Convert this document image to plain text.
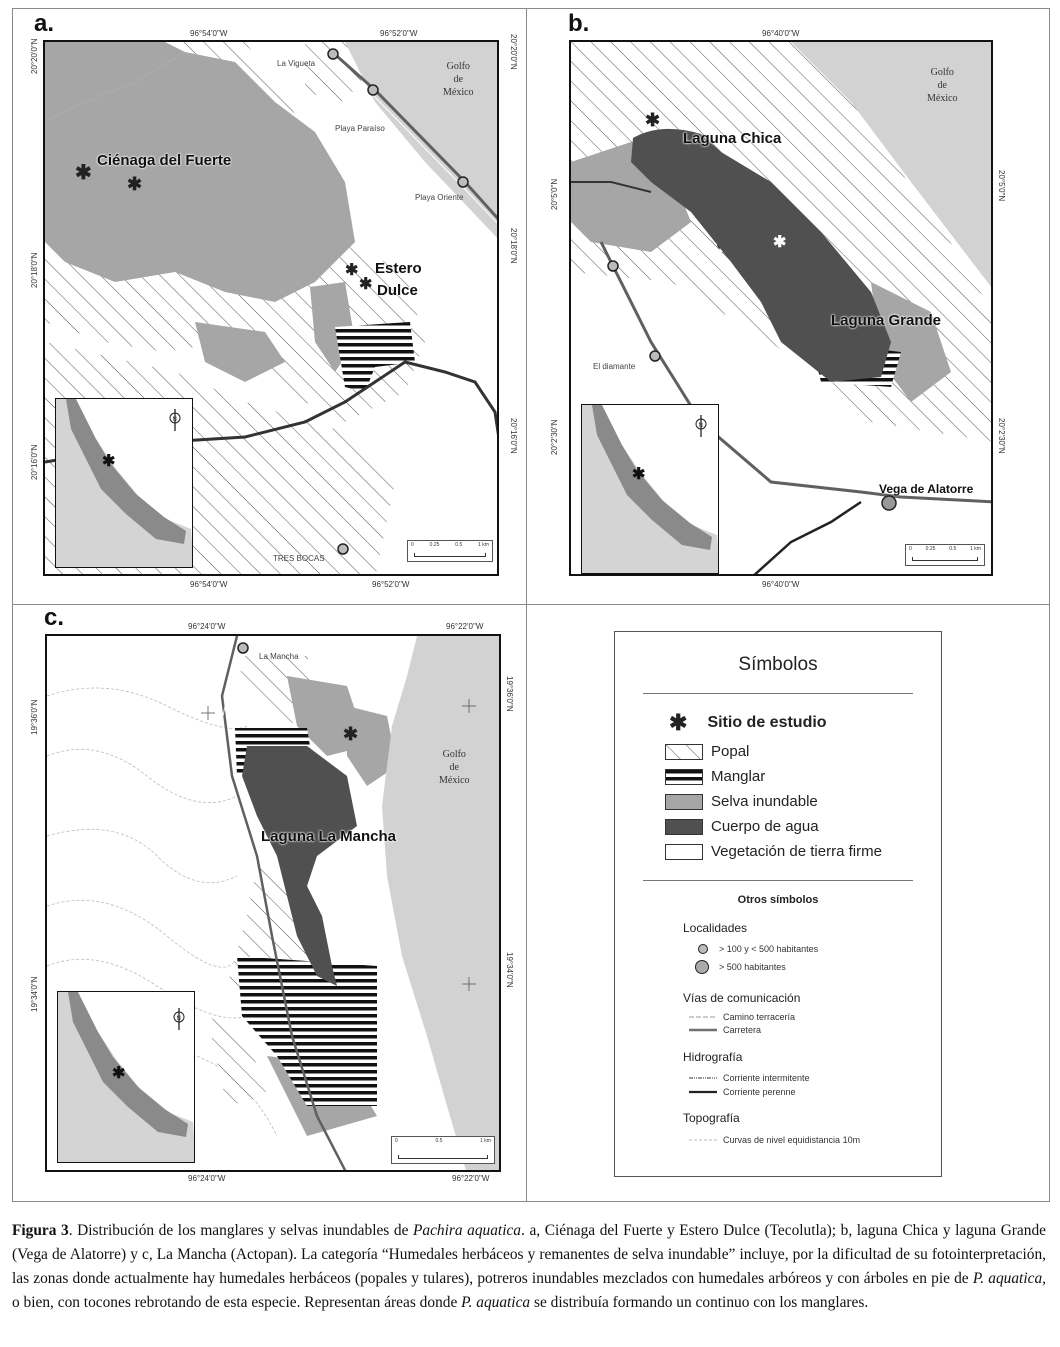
a.	96°54'0"W	96°52'0"W
96°54'0"W	96°52'0"W
20°20'0"N
20°18'0"N
20°16'0"N
20°20'0"N
20°18'0"N
20°16'0"N
Golfo
de
México
La Vigueta
Playa Paraíso
Playa Oriente
TRES BOCAS
Ciénaga del Fuerte
Estero
Dulce
✱ ✱
✱
✱
✱
N
0	0.25	0.5	1 km
b.	96°40'0"W
96°40'0"W
20°5'0"N
20°2'30"N
20°5'0"N
20°2'30"N
Golfo
de
México
Laguna Chica
Laguna Grande
El diamante
Vega de Alatorre
✱
✱
✱
N
0	0.25	0.5	1 km
c.	96°24'0"W	96°22'0"W
96°24'0"W	96°22'0"W
19°36'0"N
19°34'0"N
19°36'0"N
19°34'0"N
Golfo
de
México
La Mancha
Laguna La Mancha
✱
✱
N
0	0.5	1 km
Símbolos
✱ Sitio de estudio
Popal
Manglar
Selva inundable
Cuerpo de agua
Vegetación de tierra firme
Otros símbolos
Localidades
> 100 y < 500 habitantes
> 500 habitantes
Vías de comunicación
Camino terracería
Carretera
Hidrografía
Corriente intermitente
Corriente perenne
Topografía
Curvas de nivel equidistancia 10m
Figura 3. Distribución de los manglares y selvas inundables de Pachira aquatica. a, Ciénaga del Fuerte y Estero Dulce (Tecolutla); b, laguna Chica y laguna Grande (Vega de Alatorre) y c, La Mancha (Actopan). La categoría “Humedales herbáceos y remanentes de selva inundable” incluye, por la dificultad de su fotointerpretación, las zonas donde actualmente hay humedales herbáceos (popales y tulares), potreros inundables mezclados con humedales arbóreos y con árboles en pie de P. aquatica, o bien, con tocones rebrotando de esta especie. Representan áreas donde P. aquatica se distribuía formando un continuo con los manglares.
